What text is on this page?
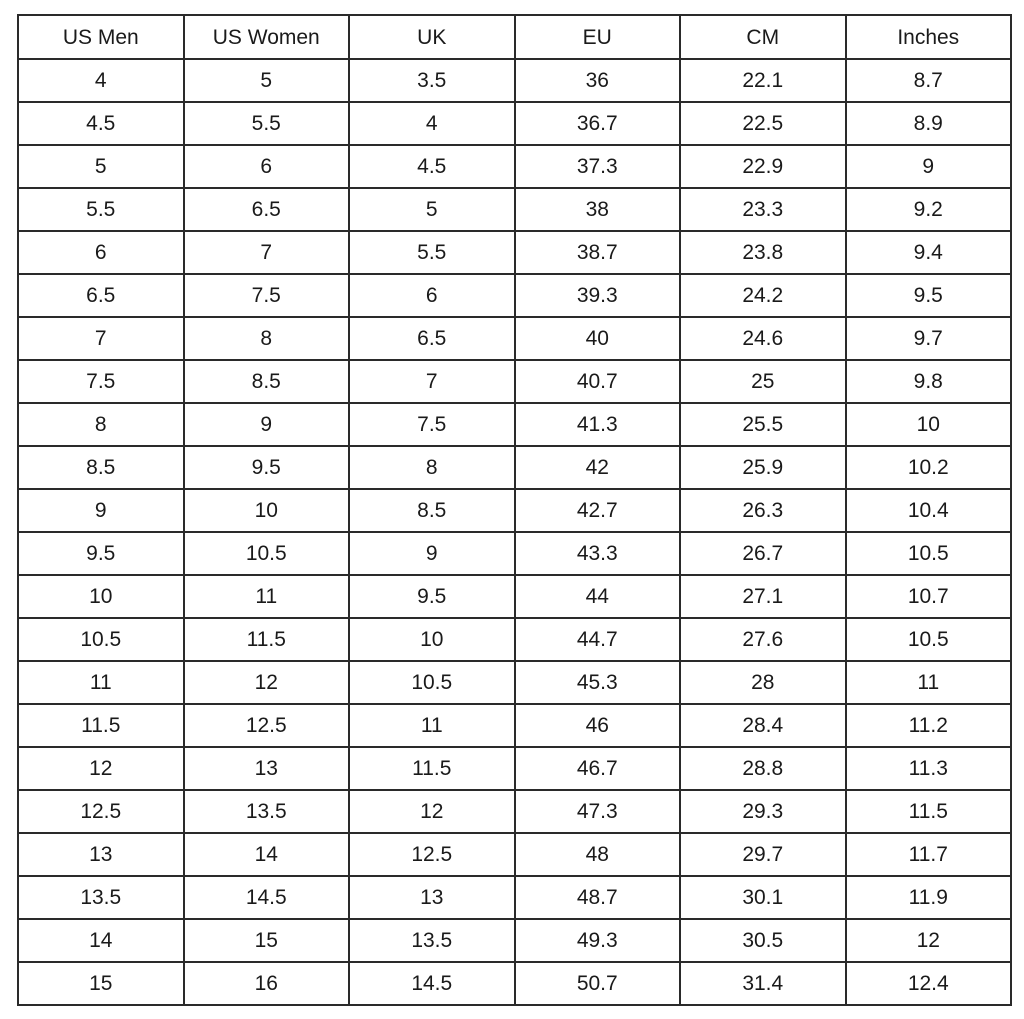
US Men	US Women	UK	EU	CM	Inches
4	5	3.5	36	22.1	8.7
4.5	5.5	4	36.7	22.5	8.9
5	6	4.5	37.3	22.9	9
5.5	6.5	5	38	23.3	9.2
6	7	5.5	38.7	23.8	9.4
6.5	7.5	6	39.3	24.2	9.5
7	8	6.5	40	24.6	9.7
7.5	8.5	7	40.7	25	9.8
8	9	7.5	41.3	25.5	10
8.5	9.5	8	42	25.9	10.2
9	10	8.5	42.7	26.3	10.4
9.5	10.5	9	43.3	26.7	10.5
10	11	9.5	44	27.1	10.7
10.5	11.5	10	44.7	27.6	10.5
11	12	10.5	45.3	28	11
11.5	12.5	11	46	28.4	11.2
12	13	11.5	46.7	28.8	11.3
12.5	13.5	12	47.3	29.3	11.5
13	14	12.5	48	29.7	11.7
13.5	14.5	13	48.7	30.1	11.9
14	15	13.5	49.3	30.5	12
15	16	14.5	50.7	31.4	12.4
